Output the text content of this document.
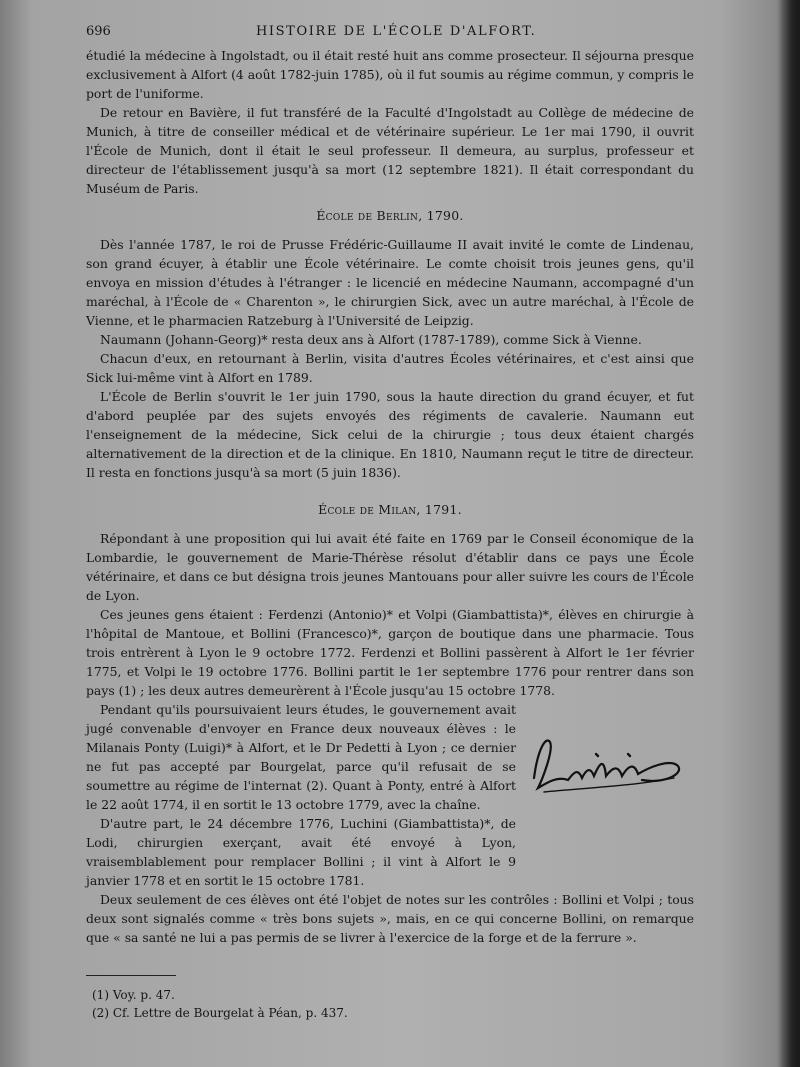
696	HISTOIRE DE L'ÉCOLE D'ALFORT.

étudié la médecine à Ingolstadt, ou il était resté huit ans comme prosecteur. Il séjourna presque exclusivement à Alfort (4 août 1782-juin 1785), où il fut soumis au régime commun, y compris le port de l'uniforme.

De retour en Bavière, il fut transféré de la Faculté d'Ingolstadt au Collège de médecine de Munich, à titre de conseiller médical et de vétérinaire supérieur. Le 1er mai 1790, il ouvrit l'École de Munich, dont il était le seul professeur. Il demeura, au surplus, professeur et directeur de l'établissement jusqu'à sa mort (12 septembre 1821). Il était correspondant du Muséum de Paris.

École de Berlin, 1790.

Dès l'année 1787, le roi de Prusse Frédéric-Guillaume II avait invité le comte de Lindenau, son grand écuyer, à établir une École vétérinaire. Le comte choisit trois jeunes gens, qu'il envoya en mission d'études à l'étranger : le licencié en médecine Naumann, accompagné d'un maréchal, à l'École de « Charenton », le chirurgien Sick, avec un autre maréchal, à l'École de Vienne, et le pharmacien Ratzeburg à l'Université de Leipzig.

Naumann (Johann-Georg)* resta deux ans à Alfort (1787-1789), comme Sick à Vienne.

Chacun d'eux, en retournant à Berlin, visita d'autres Écoles vétérinaires, et c'est ainsi que Sick lui-même vint à Alfort en 1789.

L'École de Berlin s'ouvrit le 1er juin 1790, sous la haute direction du grand écuyer, et fut d'abord peuplée par des sujets envoyés des régiments de cavalerie. Naumann eut l'enseignement de la médecine, Sick celui de la chirurgie ; tous deux étaient chargés alternativement de la direction et de la clinique. En 1810, Naumann reçut le titre de directeur. Il resta en fonctions jusqu'à sa mort (5 juin 1836).

École de Milan, 1791.

Répondant à une proposition qui lui avait été faite en 1769 par le Conseil économique de la Lombardie, le gouvernement de Marie-Thérèse résolut d'établir dans ce pays une École vétérinaire, et dans ce but désigna trois jeunes Mantouans pour aller suivre les cours de l'École de Lyon.

Ces jeunes gens étaient : Ferdenzi (Antonio)* et Volpi (Giambattista)*, élèves en chirurgie à l'hôpital de Mantoue, et Bollini (Francesco)*, garçon de boutique dans une pharmacie. Tous trois entrèrent à Lyon le 9 octobre 1772. Ferdenzi et Bollini passèrent à Alfort le 1er février 1775, et Volpi le 19 octobre 1776. Bollini partit le 1er septembre 1776 pour rentrer dans son pays (1) ; les deux autres demeurèrent à l'École jusqu'au 15 octobre 1778.

Pendant qu'ils poursuivaient leurs études, le gouvernement avait jugé convenable d'envoyer en France deux nouveaux élèves : le Milanais Ponty (Luigi)* à Alfort, et le Dr Pedetti à Lyon ; ce dernier ne fut pas accepté par Bourgelat, parce qu'il refusait de se soumettre au régime de l'internat (2). Quant à Ponty, entré à Alfort le 22 août 1774, il en sortit le 13 octobre 1779, avec la chaîne.

D'autre part, le 24 décembre 1776, Luchini (Giambattista)*, de Lodi, chirurgien exerçant, avait été envoyé à Lyon, vraisemblablement pour remplacer Bollini ; il vint à Alfort le 9 janvier 1778 et en sortit le 15 octobre 1781.

Deux seulement de ces élèves ont été l'objet de notes sur les contrôles : Bollini et Volpi ; tous deux sont signalés comme « très bons sujets », mais, en ce qui concerne Bollini, on remarque que « sa santé ne lui a pas permis de se livrer à l'exercice de la forge et de la ferrure ».

(1) Voy. p. 47.
(2) Cf. Lettre de Bourgelat à Péan, p. 437.
